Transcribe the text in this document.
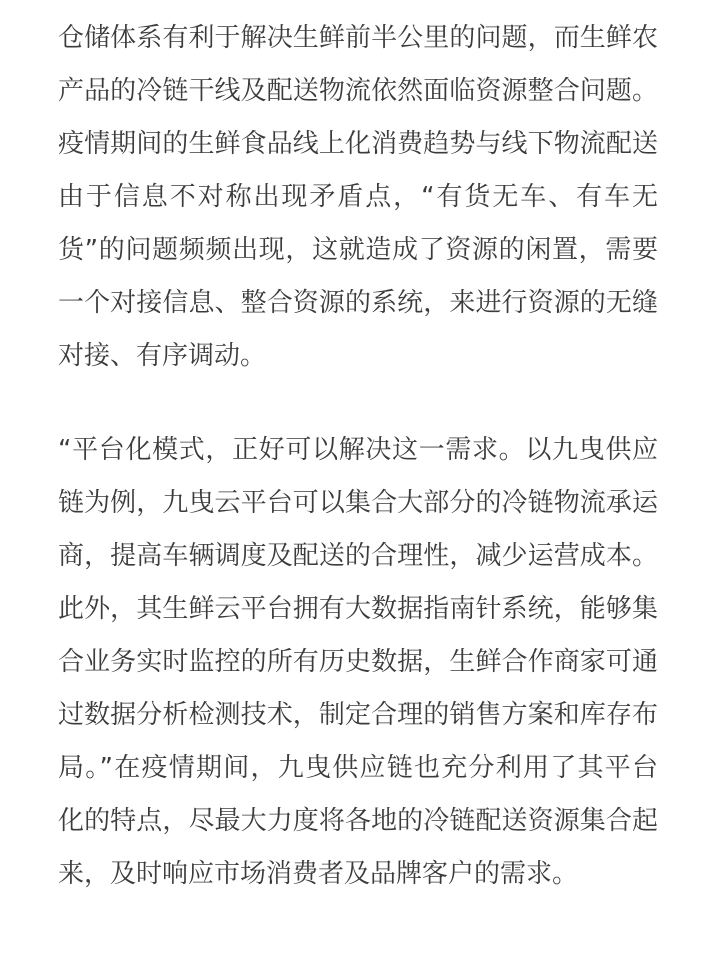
仓储体系有利于解决生鲜前半公里的问题，而生鲜农
产品的冷链干线及配送物流依然面临资源整合问题。
疫情期间的生鲜食品线上化消费趋势与线下物流配送
由于信息不对称出现矛盾点，“有货无车、有车无
货”的问题频频出现，这就造成了资源的闲置，需要
一个对接信息、整合资源的系统，来进行资源的无缝
对接、有序调动。
“平台化模式，正好可以解决这一需求。以九曳供应
链为例，九曳云平台可以集合大部分的冷链物流承运
商，提高车辆调度及配送的合理性，减少运营成本。
此外，其生鲜云平台拥有大数据指南针系统，能够集
合业务实时监控的所有历史数据，生鲜合作商家可通
过数据分析检测技术，制定合理的销售方案和库存布
局。”在疫情期间，九曳供应链也充分利用了其平台
化的特点，尽最大力度将各地的冷链配送资源集合起
来，及时响应市场消费者及品牌客户的需求。
